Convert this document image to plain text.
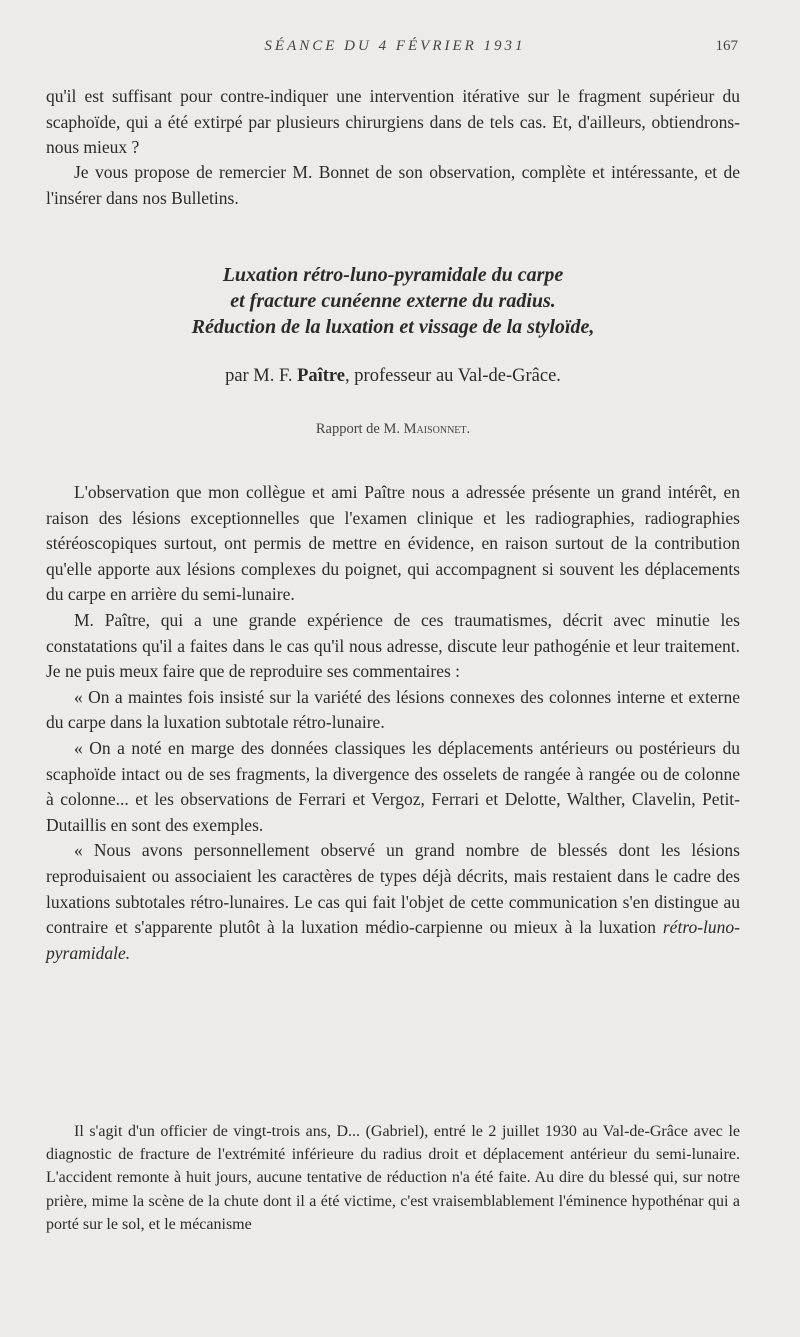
SÉANCE DU 4 FÉVRIER 1931	167

qu'il est suffisant pour contre-indiquer une intervention itérative sur le fragment supérieur du scaphoïde, qui a été extirpé par plusieurs chirurgiens dans de tels cas. Et, d'ailleurs, obtiendrons-nous mieux ?

Je vous propose de remercier M. Bonnet de son observation, complète et intéressante, et de l'insérer dans nos Bulletins.

Luxation rétro-luno-pyramidale du carpe
et fracture cunéenne externe du radius.
Réduction de la luxation et vissage de la styloïde,
par M. F. Paître, professeur au Val-de-Grâce.
Rapport de M. Maisonnet.

L'observation que mon collègue et ami Paître nous a adressée présente un grand intérêt, en raison des lésions exceptionnelles que l'examen clinique et les radiographies, radiographies stéréoscopiques surtout, ont permis de mettre en évidence, en raison surtout de la contribution qu'elle apporte aux lésions complexes du poignet, qui accompagnent si souvent les déplacements du carpe en arrière du semi-lunaire.

M. Paître, qui a une grande expérience de ces traumatismes, décrit avec minutie les constatations qu'il a faites dans le cas qu'il nous adresse, discute leur pathogénie et leur traitement. Je ne puis meux faire que de reproduire ses commentaires :

« On a maintes fois insisté sur la variété des lésions connexes des colonnes interne et externe du carpe dans la luxation subtotale rétro-lunaire.

« On a noté en marge des données classiques les déplacements antérieurs ou postérieurs du scaphoïde intact ou de ses fragments, la divergence des osselets de rangée à rangée ou de colonne à colonne... et les observations de Ferrari et Vergoz, Ferrari et Delotte, Walther, Clavelin, Petit-Dutaillis en sont des exemples.

« Nous avons personnellement observé un grand nombre de blessés dont les lésions reproduisaient ou associaient les caractères de types déjà décrits, mais restaient dans le cadre des luxations subtotales rétro-lunaires. Le cas qui fait l'objet de cette communication s'en distingue au contraire et s'apparente plutôt à la luxation médio-carpienne ou mieux à la luxation rétro-luno-pyramidale.

Il s'agit d'un officier de vingt-trois ans, D... (Gabriel), entré le 2 juillet 1930 au Val-de-Grâce avec le diagnostic de fracture de l'extrémité inférieure du radius droit et déplacement antérieur du semi-lunaire. L'accident remonte à huit jours, aucune tentative de réduction n'a été faite. Au dire du blessé qui, sur notre prière, mime la scène de la chute dont il a été victime, c'est vraisemblablement l'éminence hypothénar qui a porté sur le sol, et le mécanisme
